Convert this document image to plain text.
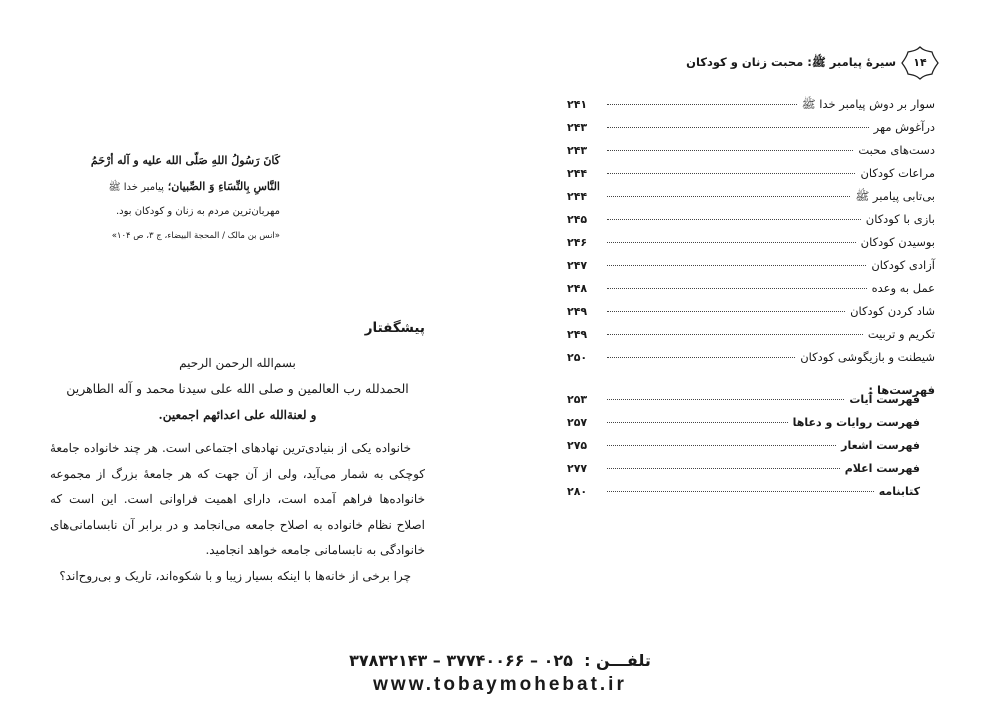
۱۴
سیرهٔ پیامبر ﷺ: محبت زنان و کودکان
سوار بر دوش پیامبر خدا ﷺ
۲۴۱
درآغوش مهر
۲۴۳
دست‌های محبت
۲۴۳
مراعات کودکان
۲۴۴
بی‌تابی پیامبر ﷺ
۲۴۴
بازی با کودکان
۲۴۵
بوسیدن کودکان
۲۴۶
آزادی کودکان
۲۴۷
عمل به وعده
۲۴۸
شاد کردن کودکان
۲۴۹
تکریم و تربیت
۲۴۹
شیطنت و بازیگوشی کودکان
۲۵۰
فهرست‌ها :
فهرست آیات
۲۵۳
فهرست روایات و دعاها
۲۵۷
فهرست اشعار
۲۷۵
فهرست اعلام
۲۷۷
کتابنامه
۲۸۰
كَانَ رَسُولُ اللهِ صَلّى الله عليه و آله أرْحَمُ
النَّاسِ بِالنِّسَاءِ وَ الصِّبيان؛ پیامبر خدا ﷺ
مهربان‌ترین مردم به زنان و کودکان بود.
«انس بن مالک / المحجة البيضاء، ج ۳، ص ۱۰۴»
پیشگفتار
بسم‌الله الرحمن الرحیم
الحمدلله رب العالمین و صلی الله علی سیدنا محمد و آله الطاهرین
و لعنة‌الله علی اعدائهم اجمعین.

خانواده یکی از بنیادی‌ترین نهادهای اجتماعی است. هر چند خانواده جامعهٔ کوچکی به شمار می‌آید، ولی از آن جهت که هر جامعهٔ بزرگ از مجموعه خانواده‌ها فراهم آمده است، دارای اهمیت فراوانی است. این است که اصلاح نظام خانواده به اصلاح جامعه می‌انجامد و در برابر آن نابسامانی‌های خانوادگی به نابسامانی جامعه خواهد انجامید.

چرا برخی از خانه‌ها با اینکه بسیار زیبا و با شکوه‌اند، تاریک و بی‌روح‌اند؟

تلفـــن :  ۰۲۵ – ۳۷۷۴۰۰۶۶ – ۳۷۸۳۲۱۴۳
www.tobaymohebat.ir
